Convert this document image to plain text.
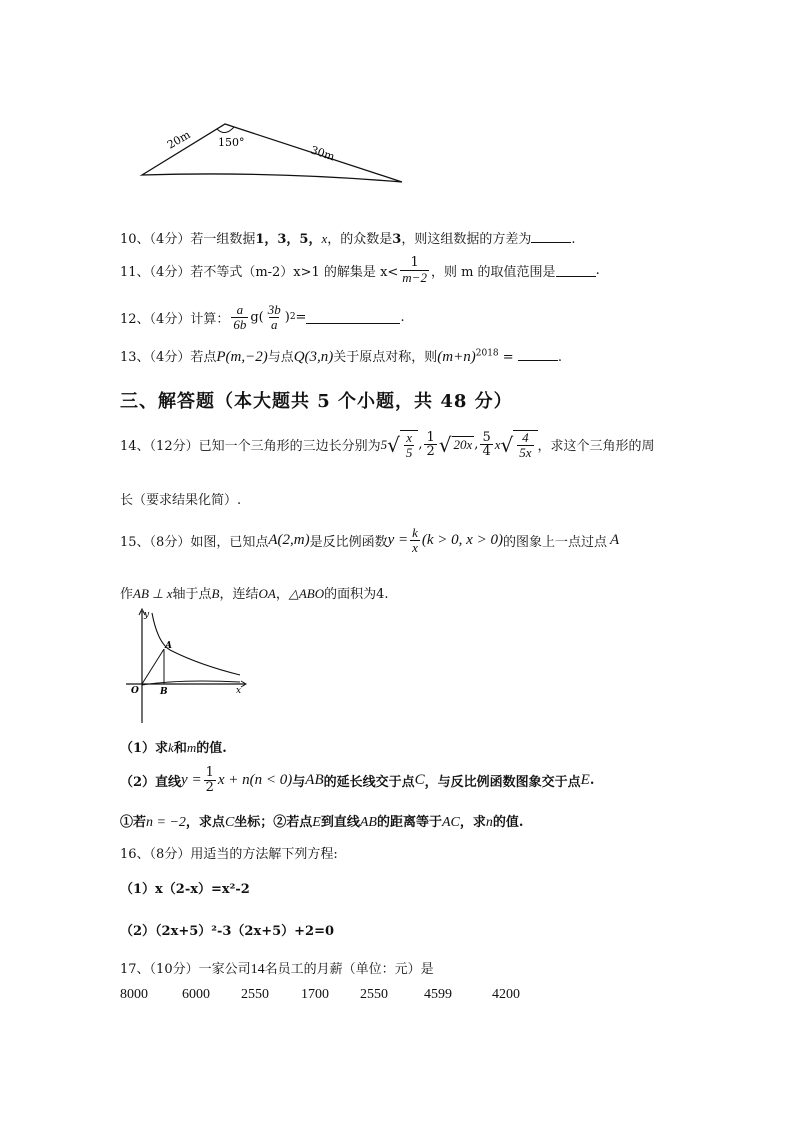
20m 150°
30m
10、（4分）若一组数据1，3，5，x，的众数是3，则这组数据的方差为	.
11、（4分）若不等式（m-2）x>1 的解集是 $x< \frac{1}{m-2}$ ，则 m 的取值范围是	.
12、（4分）计算： $\frac{a}{6b} g( \frac{3b}{a}$ ) 2 =	.
13、（4分）若点P(m,−2)与点Q(3,n)关于原点对称，则$(m+n)^{2018}$ =	.
三、解答题（本大题共 5 个小题，共 48 分）
14、（12分）已知一个三角形的三边长分别为 5 √ $\frac{x}{5}$ , $\frac{1}{2}$ √ 20x , $\frac{5}{4}$ x √ $\frac{4}{5x}$ ，求这个三角形的周
长（要求结果化简）.
15、（8分）如图，已知点 A(2,m) 是反比例函数 $y = \frac{k}{x} (k > 0$, x > 0) 的图象上一点过点 A
作AB ⊥ x轴于点B，连结OA，△ABO的面积为4.
y
x
O
A
B
（1）求k和m的值.
（2）直线 $y = \frac{1}{2}$ x + n(n < 0) 与 AB 的延长线交于点 C ，与反比例函数图象交于点 E .
①若n = −2，求点C坐标；②若点E到直线AB的距离等于AC，求n的值.
16、（8分）用适当的方法解下列方程:
（1）x（2-x）=x²-2
（2）（2x+5）²-3（2x+5）+2=0
17、（10分）一家公司14名员工的月薪（单位：元）是
8000 6000 2550 1700 2550	4599	4200
